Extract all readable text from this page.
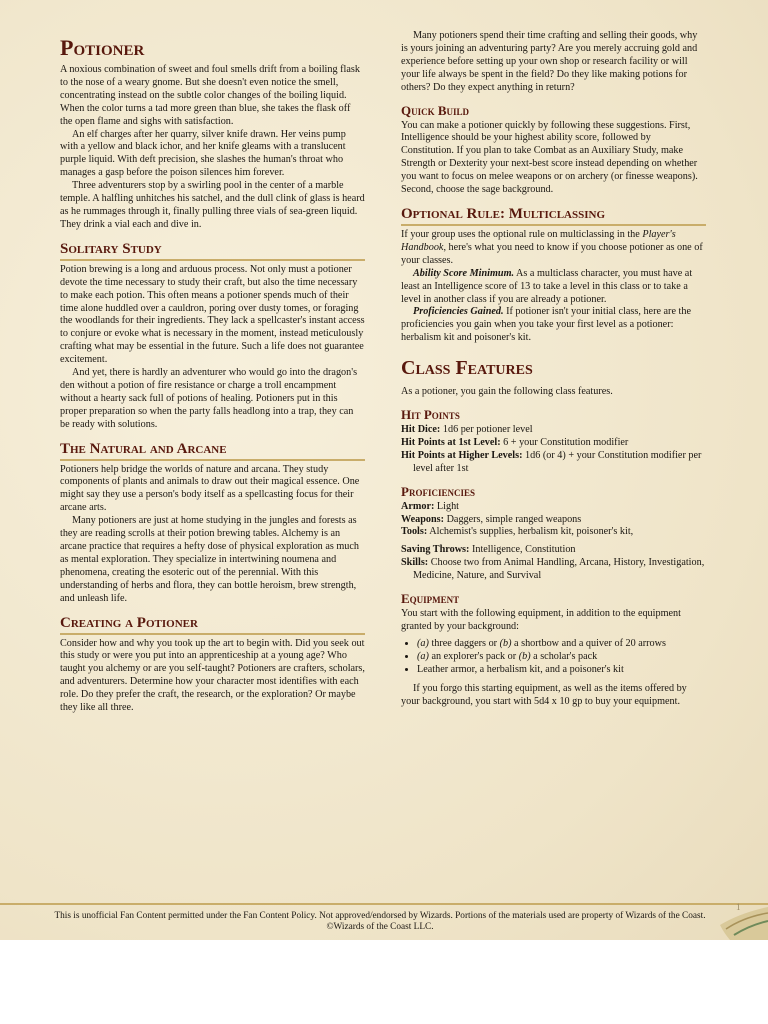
Potioner

A noxious combination of sweet and foul smells drift from a boiling flask to the nose of a weary gnome. But she doesn't even notice the smell, concentrating instead on the subtle color changes of the boiling liquid. When the color turns a tad more green than blue, she takes the flask off the open flame and sighs with satisfaction.

An elf charges after her quarry, silver knife drawn. Her veins pump with a yellow and black ichor, and her knife gleams with a translucent purple liquid. With deft precision, she slashes the human's throat who manages a gasp before the poison silences him forever.

Three adventurers stop by a swirling pool in the center of a marble temple. A halfling unhitches his satchel, and the dull clink of glass is heard as he rummages through it, finally pulling three vials of sea-green liquid. They drink a vial each and dive in.

Solitary Study

Potion brewing is a long and arduous process. Not only must a potioner devote the time necessary to study their craft, but also the time necessary to make each potion. This often means a potioner spends much of their time alone huddled over a cauldron, poring over dusty tomes, or foraging the woodlands for their ingredients. They lack a spellcaster's instant access to conjure or evoke what is necessary in the moment, instead meticulously crafting what may be essential in the future. Such a life does not guarantee excitement.

And yet, there is hardly an adventurer who would go into the dragon's den without a potion of fire resistance or charge a troll encampment without a hearty sack full of potions of healing. Potioners put in this proper preparation so when the party falls headlong into a trap, they can be ready with solutions.

The Natural and Arcane

Potioners help bridge the worlds of nature and arcana. They study components of plants and animals to draw out their magical essence. One might say they use a person's body itself as a spellcasting focus for their arcane arts.

Many potioners are just at home studying in the jungles and forests as they are reading scrolls at their potion brewing tables. Alchemy is an arcane practice that requires a hefty dose of physical exploration as much as mental exploration. They specialize in intertwining noumena and phenomena, creating the esoteric out of the perennial. With this understanding of herbs and flora, they can bottle heroism, brew strength, and unleash life.

Creating a Potioner

Consider how and why you took up the art to begin with. Did you seek out this study or were you put into an apprenticeship at a young age? Who taught you alchemy or are you self-taught? Potioners are crafters, scholars, and adventurers. Determine how your character most identifies with each role. Do they prefer the craft, the research, or the exploration? Or maybe they like all three.

Many potioners spend their time crafting and selling their goods, why is yours joining an adventuring party? Are you merely accruing gold and experience before setting up your own shop or research facility or will your life always be spent in the field? Do they like making potions for others? Do they expect anything in return?

Quick Build

You can make a potioner quickly by following these suggestions. First, Intelligence should be your highest ability score, followed by Constitution. If you plan to take Combat as an Auxiliary Study, make Strength or Dexterity your next-best score instead depending on whether you want to focus on melee weapons or on archery (or finesse weapons). Second, choose the sage background.

Optional Rule: Multiclassing

If your group uses the optional rule on multiclassing in the Player's Handbook, here's what you need to know if you choose potioner as one of your classes.

Ability Score Minimum. As a multiclass character, you must have at least an Intelligence score of 13 to take a level in this class or to take a level in another class if you are already a potioner.

Proficiencies Gained. If potioner isn't your initial class, here are the proficiencies you gain when you take your first level as a potioner: herbalism kit and poisoner's kit.

Class Features

As a potioner, you gain the following class features.

Hit Points

Hit Dice: 1d6 per potioner level

Hit Points at 1st Level: 6 + your Constitution modifier

Hit Points at Higher Levels: 1d6 (or 4) + your Constitution modifier per level after 1st

Proficiencies

Armor: Light

Weapons: Daggers, simple ranged weapons

Tools: Alchemist's supplies, herbalism kit, poisoner's kit,

Saving Throws: Intelligence, Constitution

Skills: Choose two from Animal Handling, Arcana, History, Investigation, Medicine, Nature, and Survival

Equipment

You start with the following equipment, in addition to the equipment granted by your background:

• (a) three daggers or (b) a shortbow and a quiver of 20 arrows
• (a) an explorer's pack or (b) a scholar's pack
• Leather armor, a herbalism kit, and a poisoner's kit

If you forgo this starting equipment, as well as the items offered by your background, you start with 5d4 x 10 gp to buy your equipment.

1
This is unofficial Fan Content permitted under the Fan Content Policy. Not approved/endorsed by Wizards. Portions of the materials used are property of Wizards of the Coast. ©Wizards of the Coast LLC.
